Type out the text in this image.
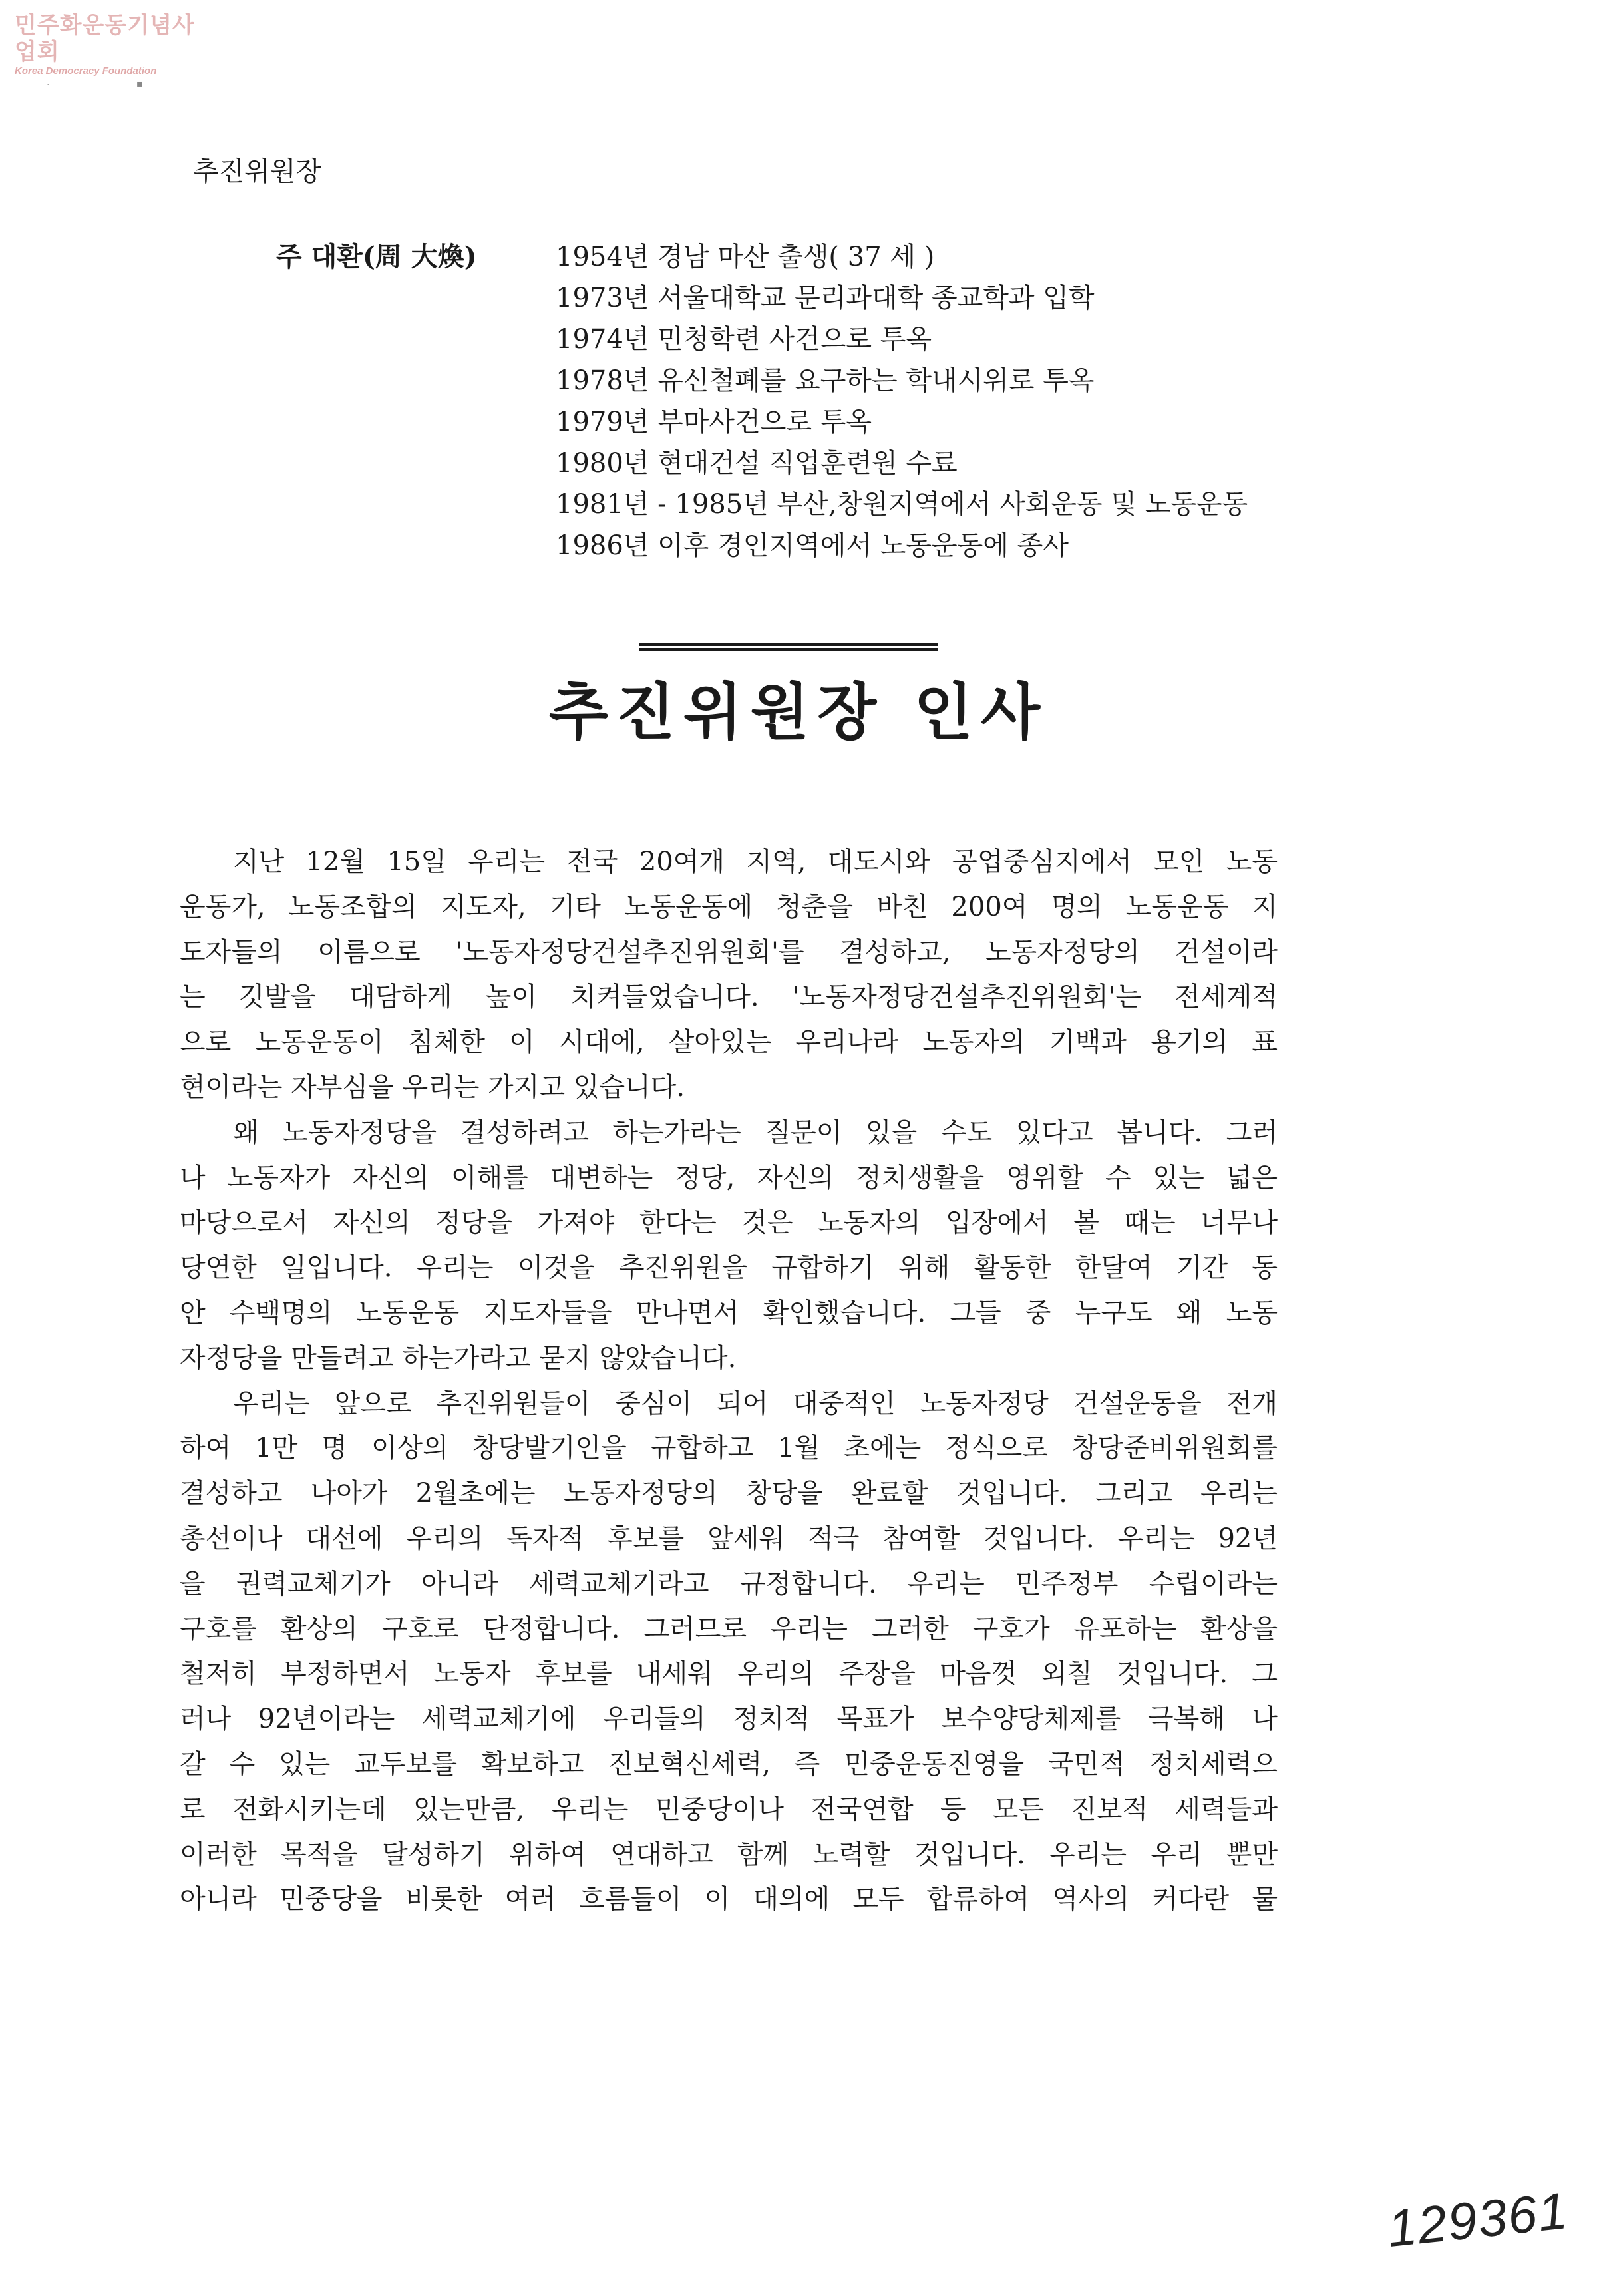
민주화운동기념사업회
Korea Democracy Foundation
·	▪
추진위원장
주 대환(周 大煥)	1954년 경남 마산 출생( 37 세 )
1973년 서울대학교 문리과대학 종교학과 입학
1974년 민청학련 사건으로 투옥
1978년 유신철폐를 요구하는 학내시위로 투옥
1979년 부마사건으로 투옥
1980년 현대건설 직업훈련원 수료
1981년 - 1985년 부산,창원지역에서 사회운동 및 노동운동
1986년 이후 경인지역에서 노동운동에 종사
추진위원장 인사
지난 12월 15일 우리는 전국 20여개 지역, 대도시와 공업중심지에서 모인 노동
운동가, 노동조합의 지도자, 기타 노동운동에 청춘을 바친 200여 명의 노동운동 지
도자들의 이름으로 '노동자정당건설추진위원회'를 결성하고, 노동자정당의 건설이라
는 깃발을 대담하게 높이 치켜들었습니다. '노동자정당건설추진위원회'는 전세계적
으로 노동운동이 침체한 이 시대에, 살아있는 우리나라 노동자의 기백과 용기의 표
현이라는 자부심을 우리는 가지고 있습니다.
왜 노동자정당을 결성하려고 하는가라는 질문이 있을 수도 있다고 봅니다. 그러
나 노동자가 자신의 이해를 대변하는 정당, 자신의 정치생활을 영위할 수 있는 넓은
마당으로서 자신의 정당을 가져야 한다는 것은 노동자의 입장에서 볼 때는 너무나
당연한 일입니다. 우리는 이것을 추진위원을 규합하기 위해 활동한 한달여 기간 동
안 수백명의 노동운동 지도자들을 만나면서 확인했습니다. 그들 중 누구도 왜 노동
자정당을 만들려고 하는가라고 묻지 않았습니다.
우리는 앞으로 추진위원들이 중심이 되어 대중적인 노동자정당 건설운동을 전개
하여 1만 명 이상의 창당발기인을 규합하고 1월 초에는 정식으로 창당준비위원회를
결성하고 나아가 2월초에는 노동자정당의 창당을 완료할 것입니다. 그리고 우리는
총선이나 대선에 우리의 독자적 후보를 앞세워 적극 참여할 것입니다. 우리는 92년
을 권력교체기가 아니라 세력교체기라고 규정합니다. 우리는 민주정부 수립이라는
구호를 환상의 구호로 단정합니다. 그러므로 우리는 그러한 구호가 유포하는 환상을
철저히 부정하면서 노동자 후보를 내세워 우리의 주장을 마음껏 외칠 것입니다. 그
러나 92년이라는 세력교체기에 우리들의 정치적 목표가 보수양당체제를 극복해 나
갈 수 있는 교두보를 확보하고 진보혁신세력, 즉 민중운동진영을 국민적 정치세력으
로 전화시키는데 있는만큼, 우리는 민중당이나 전국연합 등 모든 진보적 세력들과
이러한 목적을 달성하기 위하여 연대하고 함께 노력할 것입니다. 우리는 우리 뿐만
아니라 민중당을 비롯한 여러 흐름들이 이 대의에 모두 합류하여 역사의 커다란 물
129361
